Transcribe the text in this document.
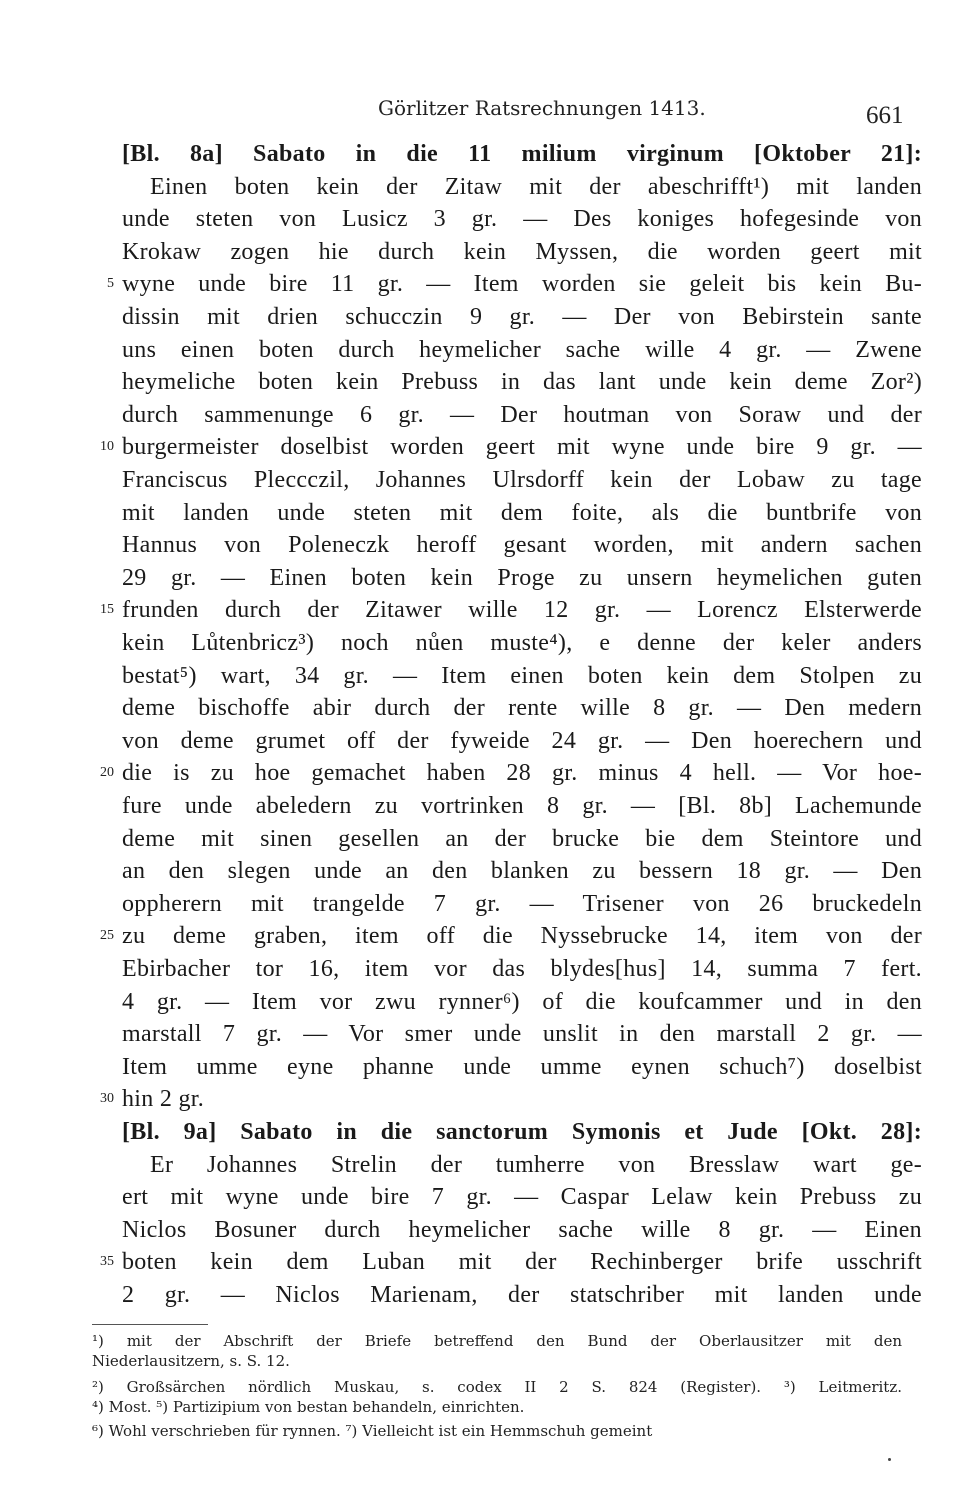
Görlitzer Ratsrechnungen 1413.	661
[Bl. 8a] Sabato in die 11 milium virginum [Oktober 21]:
Einen boten kein der Zitaw mit der abeschrifft¹) mit landen
unde steten von Lusicz 3 gr. — Des koniges hofegesinde von
Krokaw zogen hie durch kein Myssen, die worden geert mit
wyne unde bire 11 gr. — Item worden sie geleit bis kein Bu-
5
dissin mit drien schucczin 9 gr. — Der von Bebirstein sante
uns einen boten durch heymelicher sache wille 4 gr. — Zwene
heymeliche boten kein Prebuss in das lant unde kein deme Zor²)
durch sammenunge 6 gr. — Der houtman von Soraw und der
burgermeister doselbist worden geert mit wyne unde bire 9 gr. —
10
Franciscus Pleccczil, Johannes Ulrsdorff kein der Lobaw zu tage
mit landen unde steten mit dem foite, als die buntbrife von
Hannus von Poleneczk heroff gesant worden, mit andern sachen
29 gr. — Einen boten kein Proge zu unsern heymelichen guten
frunden durch der Zitawer wille 12 gr. — Lorencz Elsterwerde
15
kein Lůtenbricz³) noch nůen muste⁴), e denne der keler anders
bestat⁵) wart, 34 gr. — Item einen boten kein dem Stolpen zu
deme bischoffe abir durch der rente wille 8 gr. — Den medern
von deme grumet off der fyweide 24 gr. — Den hoerechern und
die is zu hoe gemachet haben 28 gr. minus 4 hell. — Vor hoe-
20
fure unde abeledern zu vortrinken 8 gr. — [Bl. 8b] Lachemunde
deme mit sinen gesellen an der brucke bie dem Steintore und
an den slegen unde an den blanken zu bessern 18 gr. — Den
oppherern mit trangelde 7 gr. — Trisener von 26 bruckedeln
zu deme graben, item off die Nyssebrucke 14, item von der
25
Ebirbacher tor 16, item vor das blydes[hus] 14, summa 7 fert.
4 gr. — Item vor zwu rynner⁶) of die koufcammer und in den
marstall 7 gr. — Vor smer unde unslit in den marstall 2 gr. —
Item umme eyne phanne unde umme eynen schuch⁷) doselbist
hin 2 gr.
30
[Bl. 9a] Sabato in die sanctorum Symonis et Jude [Okt. 28]:
Er Johannes Strelin der tumherre von Bresslaw wart ge-
ert mit wyne unde bire 7 gr. — Caspar Lelaw kein Prebuss zu
Niclos Bosuner durch heymelicher sache wille 8 gr. — Einen
boten kein dem Luban mit der Rechinberger brife usschrift
35
2 gr. — Niclos Marienam, der statschriber mit landen unde
¹) mit der Abschrift der Briefe betreffend den Bund der Oberlausitzer mit den
Niederlausitzern, s. S. 12.
²) Großsärchen nördlich Muskau, s. codex II 2 S. 824 (Register). ³) Leitmeritz.
⁴) Most. ⁵) Partizipium von bestan behandeln, einrichten.
⁶) Wohl verschrieben für rynnen. ⁷) Vielleicht ist ein Hemmschuh gemeint
